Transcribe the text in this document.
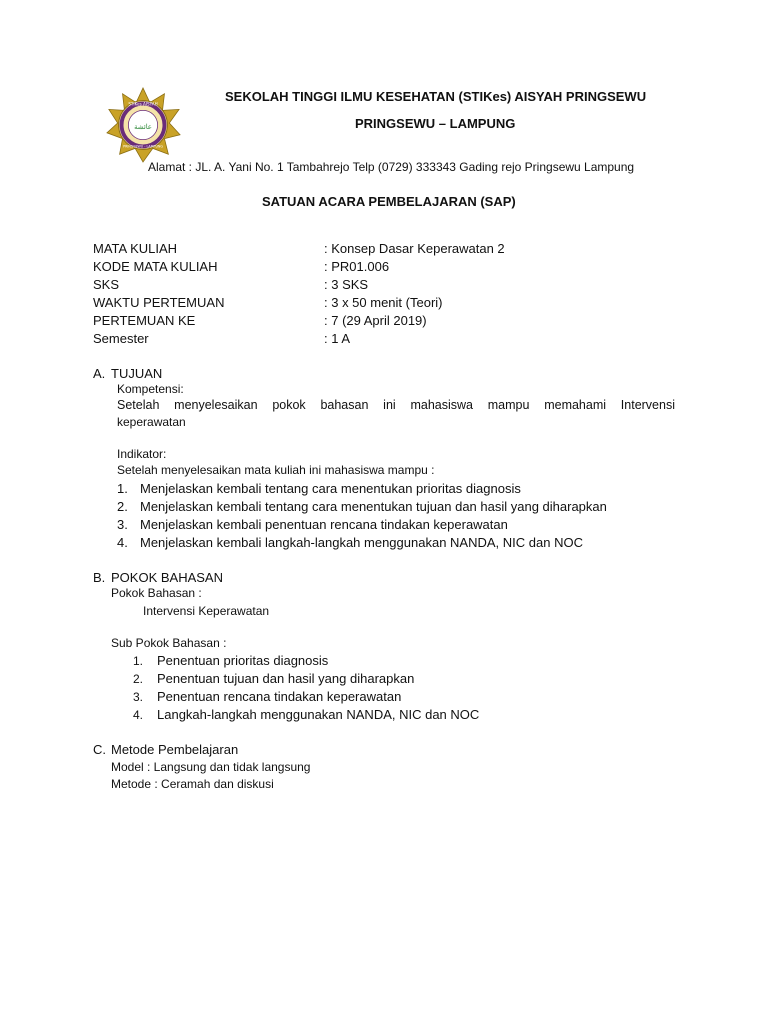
عائشة
STIKes AISYAH
PRINGSEWU - LAMPUNG
SEKOLAH TINGGI ILMU KESEHATAN (STIKes) AISYAH PRINGSEWU
PRINGSEWU – LAMPUNG
Alamat : JL. A. Yani No. 1 Tambahrejo Telp (0729) 333343 Gading rejo Pringsewu Lampung
SATUAN ACARA PEMBELAJARAN (SAP)
MATA KULIAH	: Konsep Dasar Keperawatan 2
KODE MATA KULIAH	: PR01.006
SKS	: 3 SKS
WAKTU PERTEMUAN	: 3 x 50 menit (Teori)
PERTEMUAN KE	: 7 (29 April 2019)
Semester	: 1 A
A. TUJUAN
Kompetensi:
Setelah menyelesaikan pokok bahasan ini mahasiswa mampu memahami Intervensi
keperawatan
Indikator:
Setelah menyelesaikan mata kuliah ini mahasiswa mampu :
1. Menjelaskan kembali tentang cara menentukan prioritas diagnosis
2. Menjelaskan kembali tentang cara menentukan tujuan dan hasil yang diharapkan
3. Menjelaskan kembali penentuan rencana tindakan keperawatan
4. Menjelaskan kembali langkah-langkah menggunakan NANDA, NIC dan NOC
B. POKOK BAHASAN
Pokok Bahasan :
Intervensi Keperawatan
Sub Pokok Bahasan :
1. Penentuan prioritas diagnosis
2. Penentuan tujuan dan hasil yang diharapkan
3. Penentuan rencana tindakan keperawatan
4. Langkah-langkah menggunakan NANDA, NIC dan NOC
C. Metode Pembelajaran
Model : Langsung dan tidak langsung
Metode : Ceramah dan diskusi
